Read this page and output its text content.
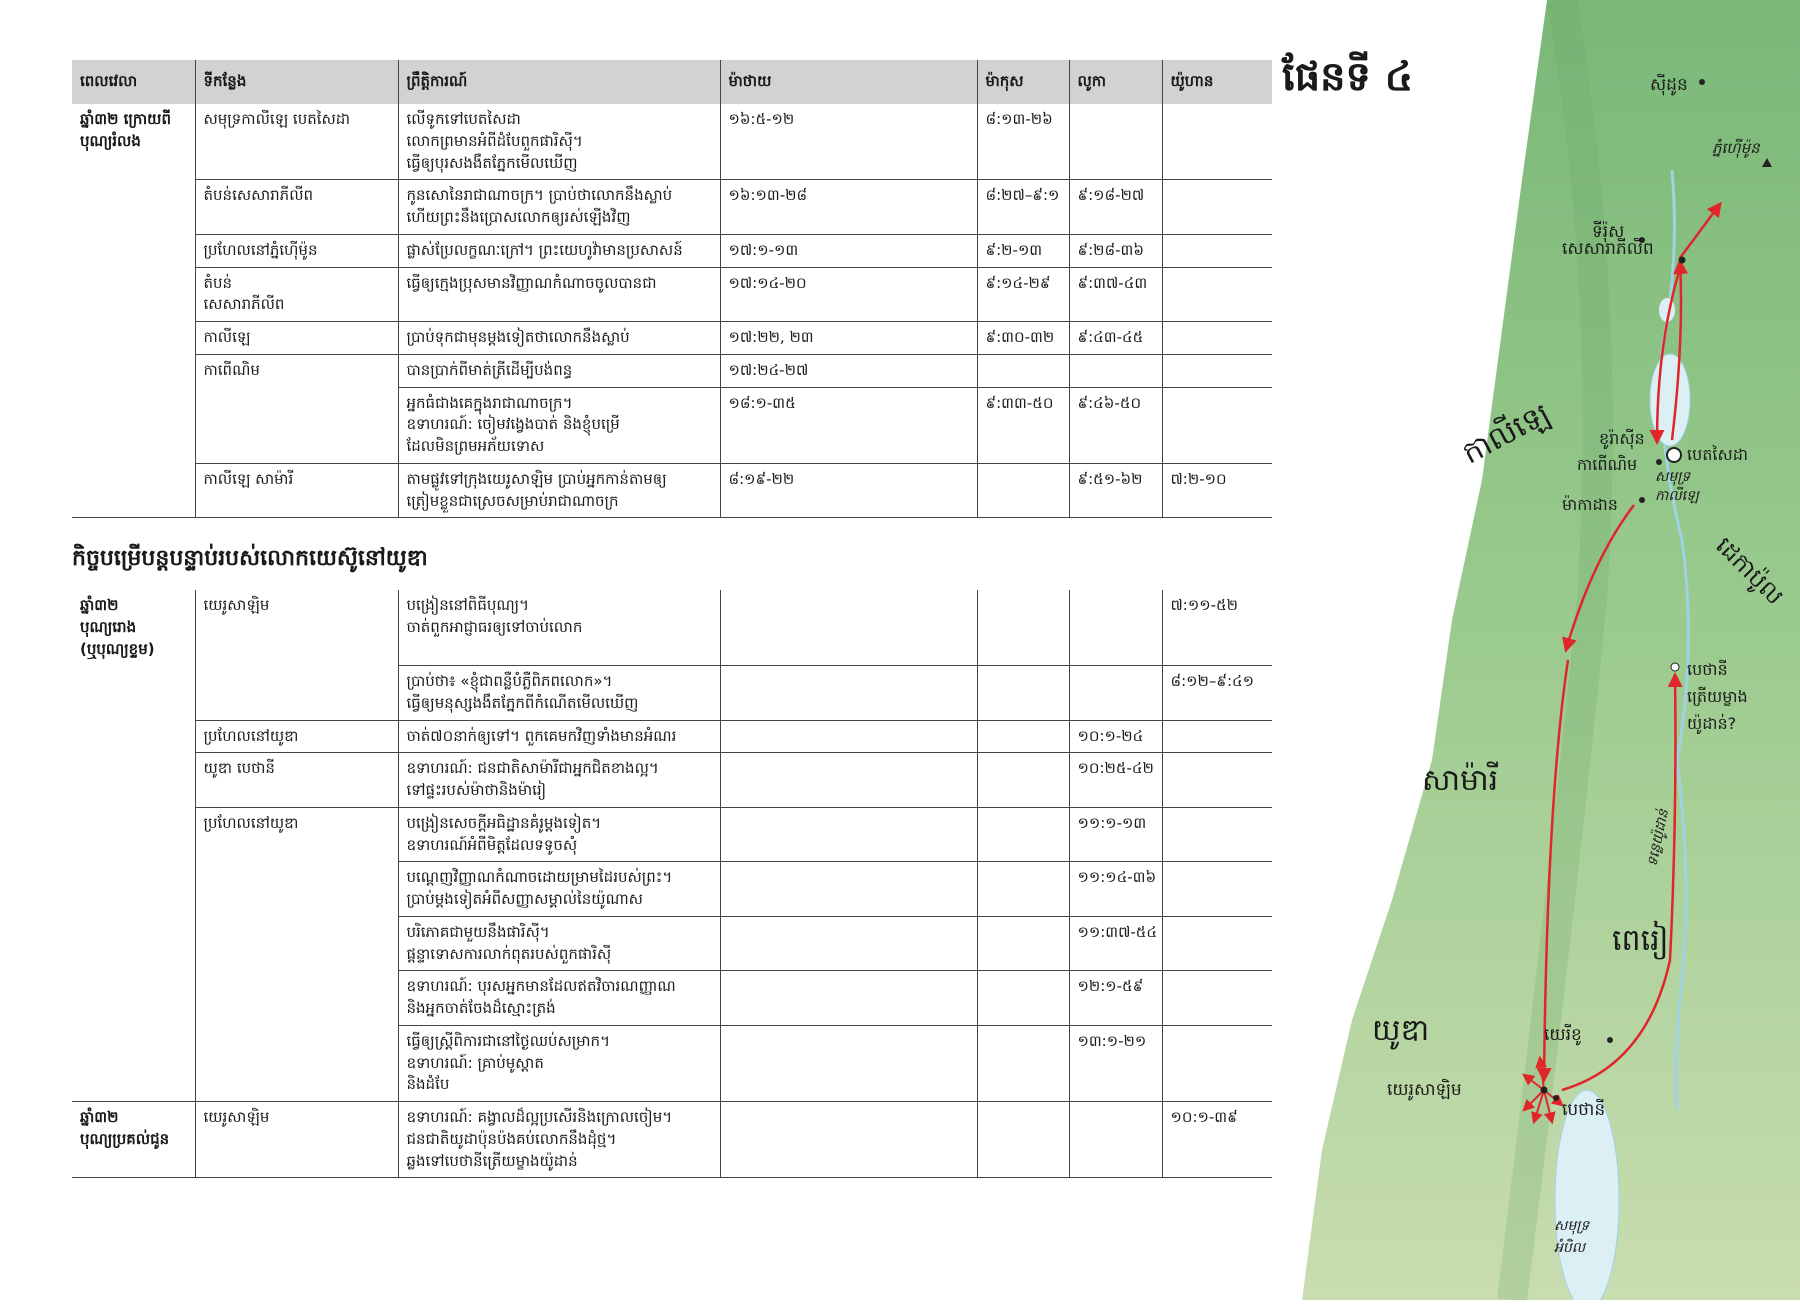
ពេលវេលា	ទីកន្លែង	ព្រឹត្តិការណ៍	ម៉ាថាយ	ម៉ាកុស	លូកា	យ៉ូហាន

ឆ្នាំ៣២ ក្រោយពី
បុណ្យរំលង	សមុទ្រកាលីឡេ បេតសៃដា	លើទូកទៅបេតសៃដា
លោកព្រមានអំពីដំបែពួកផារិស៊ី។
ធ្វើឲ្យបុរសងងឹតភ្នែកមើលឃើញ	១៦:៥-១២	៨:១៣-២៦		

	តំបន់សេសារាភីលីព	កូនសោនៃរាជាណាចក្រ។ ប្រាប់ថាលោកនឹងស្លាប់
ហើយព្រះនឹងប្រោសលោកឲ្យរស់ឡើងវិញ	១៦:១៣-២៨	៨:២៧–៩:១	៩:១៨-២៧	

	ប្រហែលនៅភ្នំហ៊ើម៉ូន	ផ្លាស់ប្រែលក្ខណៈក្រៅ។ ព្រះយេហូវ៉ាមានប្រសាសន៍	១៧:១-១៣	៩:២-១៣	៩:២៨-៣៦	

	តំបន់
សេសារាភីលីព	ធ្វើឲ្យក្មេងប្រុសមានវិញ្ញាណកំណាចចូលបានជា	១៧:១៤-២០	៩:១៤-២៩	៩:៣៧-៤៣	

	កាលីឡេ	ប្រាប់ទុកជាមុនម្ដងទៀតថាលោកនឹងស្លាប់	១៧:២២, ២៣	៩:៣០-៣២	៩:៤៣-៤៥	

	កាពើណិម	បានប្រាក់ពីមាត់ត្រីដើម្បីបង់ពន្ធ	១៧:២៤-២៧			

		អ្នកធំជាងគេក្នុងរាជាណាចក្រ។
ឧទាហរណ៍: ចៀមវង្វេងបាត់ និងខ្ញុំបម្រើ
ដែលមិនព្រមអភ័យទោស	១៨:១-៣៥	៩:៣៣-៥០	៩:៤៦-៥០	

	កាលីឡេ សាម៉ារី	តាមផ្លូវទៅក្រុងយេរូសាឡិម ប្រាប់អ្នកកាន់តាមឲ្យ
ត្រៀមខ្លួនជាស្រេចសម្រាប់រាជាណាចក្រ	៨:១៩-២២		៩:៥១-៦២	៧:២-១០
កិច្ចបម្រើបន្តបន្ទាប់របស់លោកយេស៊ូនៅយូឌា
ឆ្នាំ៣២
បុណ្យរោង
(ឬបុណ្យខ្ទម)	យេរូសាឡិម	បង្រៀននៅពិធីបុណ្យ។
ចាត់ពួកអាជ្ញាធរឲ្យទៅចាប់លោក				៧:១១-៥២

		ប្រាប់ថា៖ «ខ្ញុំជាពន្លឺបំភ្លឺពិភពលោក»។
ធ្វើឲ្យមនុស្សងងឹតភ្នែកពីកំណើតមើលឃើញ				៨:១២–៩:៤១

	ប្រហែលនៅយូឌា	ចាត់៧០នាក់ឲ្យទៅ។ ពួកគេមកវិញទាំងមានអំណរ			១០:១-២៤	

	យូឌា បេថានី	ឧទាហរណ៍: ជនជាតិសាម៉ារីជាអ្នកជិតខាងល្អ។
ទៅផ្ទះរបស់ម៉ាថានិងម៉ារៀ			១០:២៥-៤២	

	ប្រហែលនៅយូឌា	បង្រៀនសេចក្ដីអធិដ្ឋានគំរូម្ដងទៀត។
ឧទាហរណ៍អំពីមិត្តដែលទទូចសុំ			១១:១-១៣	

		បណ្ដេញវិញ្ញាណកំណាចដោយម្រាមដៃរបស់ព្រះ។
ប្រាប់ម្ដងទៀតអំពីសញ្ញាសម្គាល់នៃយ៉ូណាស			១១:១៤-៣៦	

		បរិភោគជាមួយនឹងផារិស៊ី។
ផ្ដន្ទាទោសការលាក់ពុតរបស់ពួកផារិស៊ី			១១:៣៧-៥៤	

		ឧទាហរណ៍: បុរសអ្នកមានដែលឥតវិចារណញ្ញាណ
និងអ្នកចាត់ចែងដ៏ស្មោះត្រង់			១២:១-៥៩	

		ធ្វើឲ្យស្ត្រីពិការជានៅថ្ងៃឈប់សម្រាក។
ឧទាហរណ៍: គ្រាប់មូស្ដាត
និងដំបែ			១៣:១-២១	

ឆ្នាំ៣២
បុណ្យប្រគល់ជូន	យេរូសាឡិម	ឧទាហរណ៍: គង្វាលដ៏ល្អប្រសើរនិងក្រោលចៀម។
ជនជាតិយូដាប៉ុនប៉ងគប់លោកនឹងដុំថ្ម។
ឆ្លងទៅបេថានីត្រើយម្ខាងយ៉ូដាន់				១០:១-៣៩
ផែនទី ៤	ស៊ីដូន
ភ្នំហ៊ើម៉ូន
ទីរ៉ុស
សេសារាភីលីព
កាលីឡេ	ខូរ៉ាស៊ីន
កាពើណិម
បេតសៃដា
សមុទ្រ
កាលីឡេ
ម៉ាកាដាន
ដេកាប៉ូល
បេថានី
ត្រើយម្ខាង
យ៉ូដាន់?
ទន្លេយ៉ូដាន់
សាម៉ារី
ពេរៀ
យូឌា	យេរីខូ
យេរូសាឡិម
បេថានី
សមុទ្រ
អំបិល
